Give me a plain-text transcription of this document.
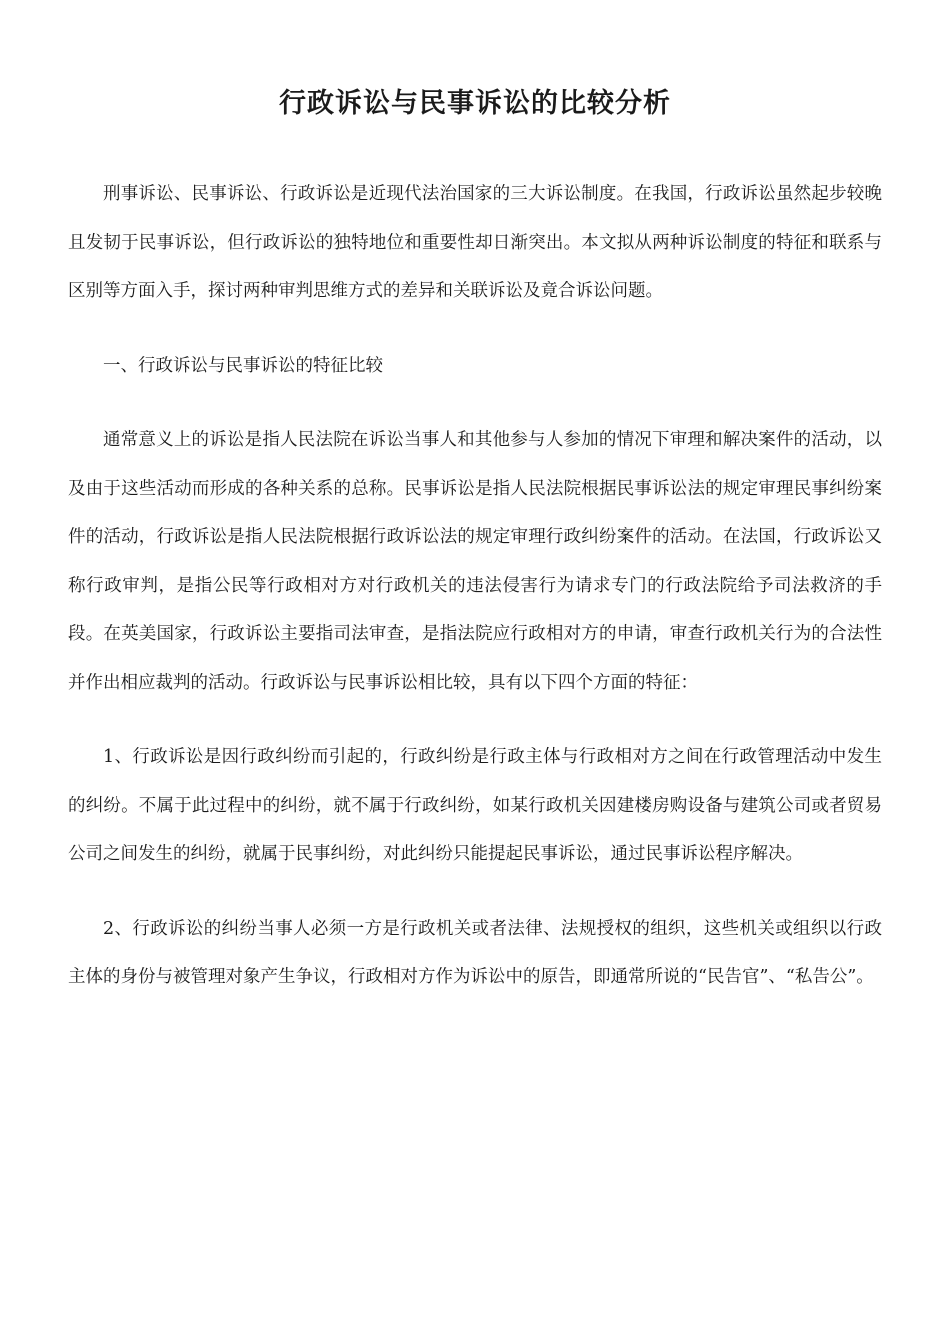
行政诉讼与民事诉讼的比较分析

刑事诉讼、民事诉讼、行政诉讼是近现代法治国家的三大诉讼制度。在我国，行政诉讼虽然起步较晚且发韧于民事诉讼，但行政诉讼的独特地位和重要性却日渐突出。本文拟从两种诉讼制度的特征和联系与区别等方面入手，探讨两种审判思维方式的差异和关联诉讼及竟合诉讼问题。

一、行政诉讼与民事诉讼的特征比较

通常意义上的诉讼是指人民法院在诉讼当事人和其他参与人参加的情况下审理和解决案件的活动，以及由于这些活动而形成的各种关系的总称。民事诉讼是指人民法院根据民事诉讼法的规定审理民事纠纷案件的活动，行政诉讼是指人民法院根据行政诉讼法的规定审理行政纠纷案件的活动。在法国，行政诉讼又称行政审判，是指公民等行政相对方对行政机关的违法侵害行为请求专门的行政法院给予司法救济的手段。在英美国家，行政诉讼主要指司法审查，是指法院应行政相对方的申请，审查行政机关行为的合法性并作出相应裁判的活动。行政诉讼与民事诉讼相比较，具有以下四个方面的特征：

1、行政诉讼是因行政纠纷而引起的，行政纠纷是行政主体与行政相对方之间在行政管理活动中发生的纠纷。不属于此过程中的纠纷，就不属于行政纠纷，如某行政机关因建楼房购设备与建筑公司或者贸易公司之间发生的纠纷，就属于民事纠纷，对此纠纷只能提起民事诉讼，通过民事诉讼程序解决。

2、行政诉讼的纠纷当事人必须一方是行政机关或者法律、法规授权的组织，这些机关或组织以行政主体的身份与被管理对象产生争议，行政相对方作为诉讼中的原告，即通常所说的“民告官”、“私告公”。
